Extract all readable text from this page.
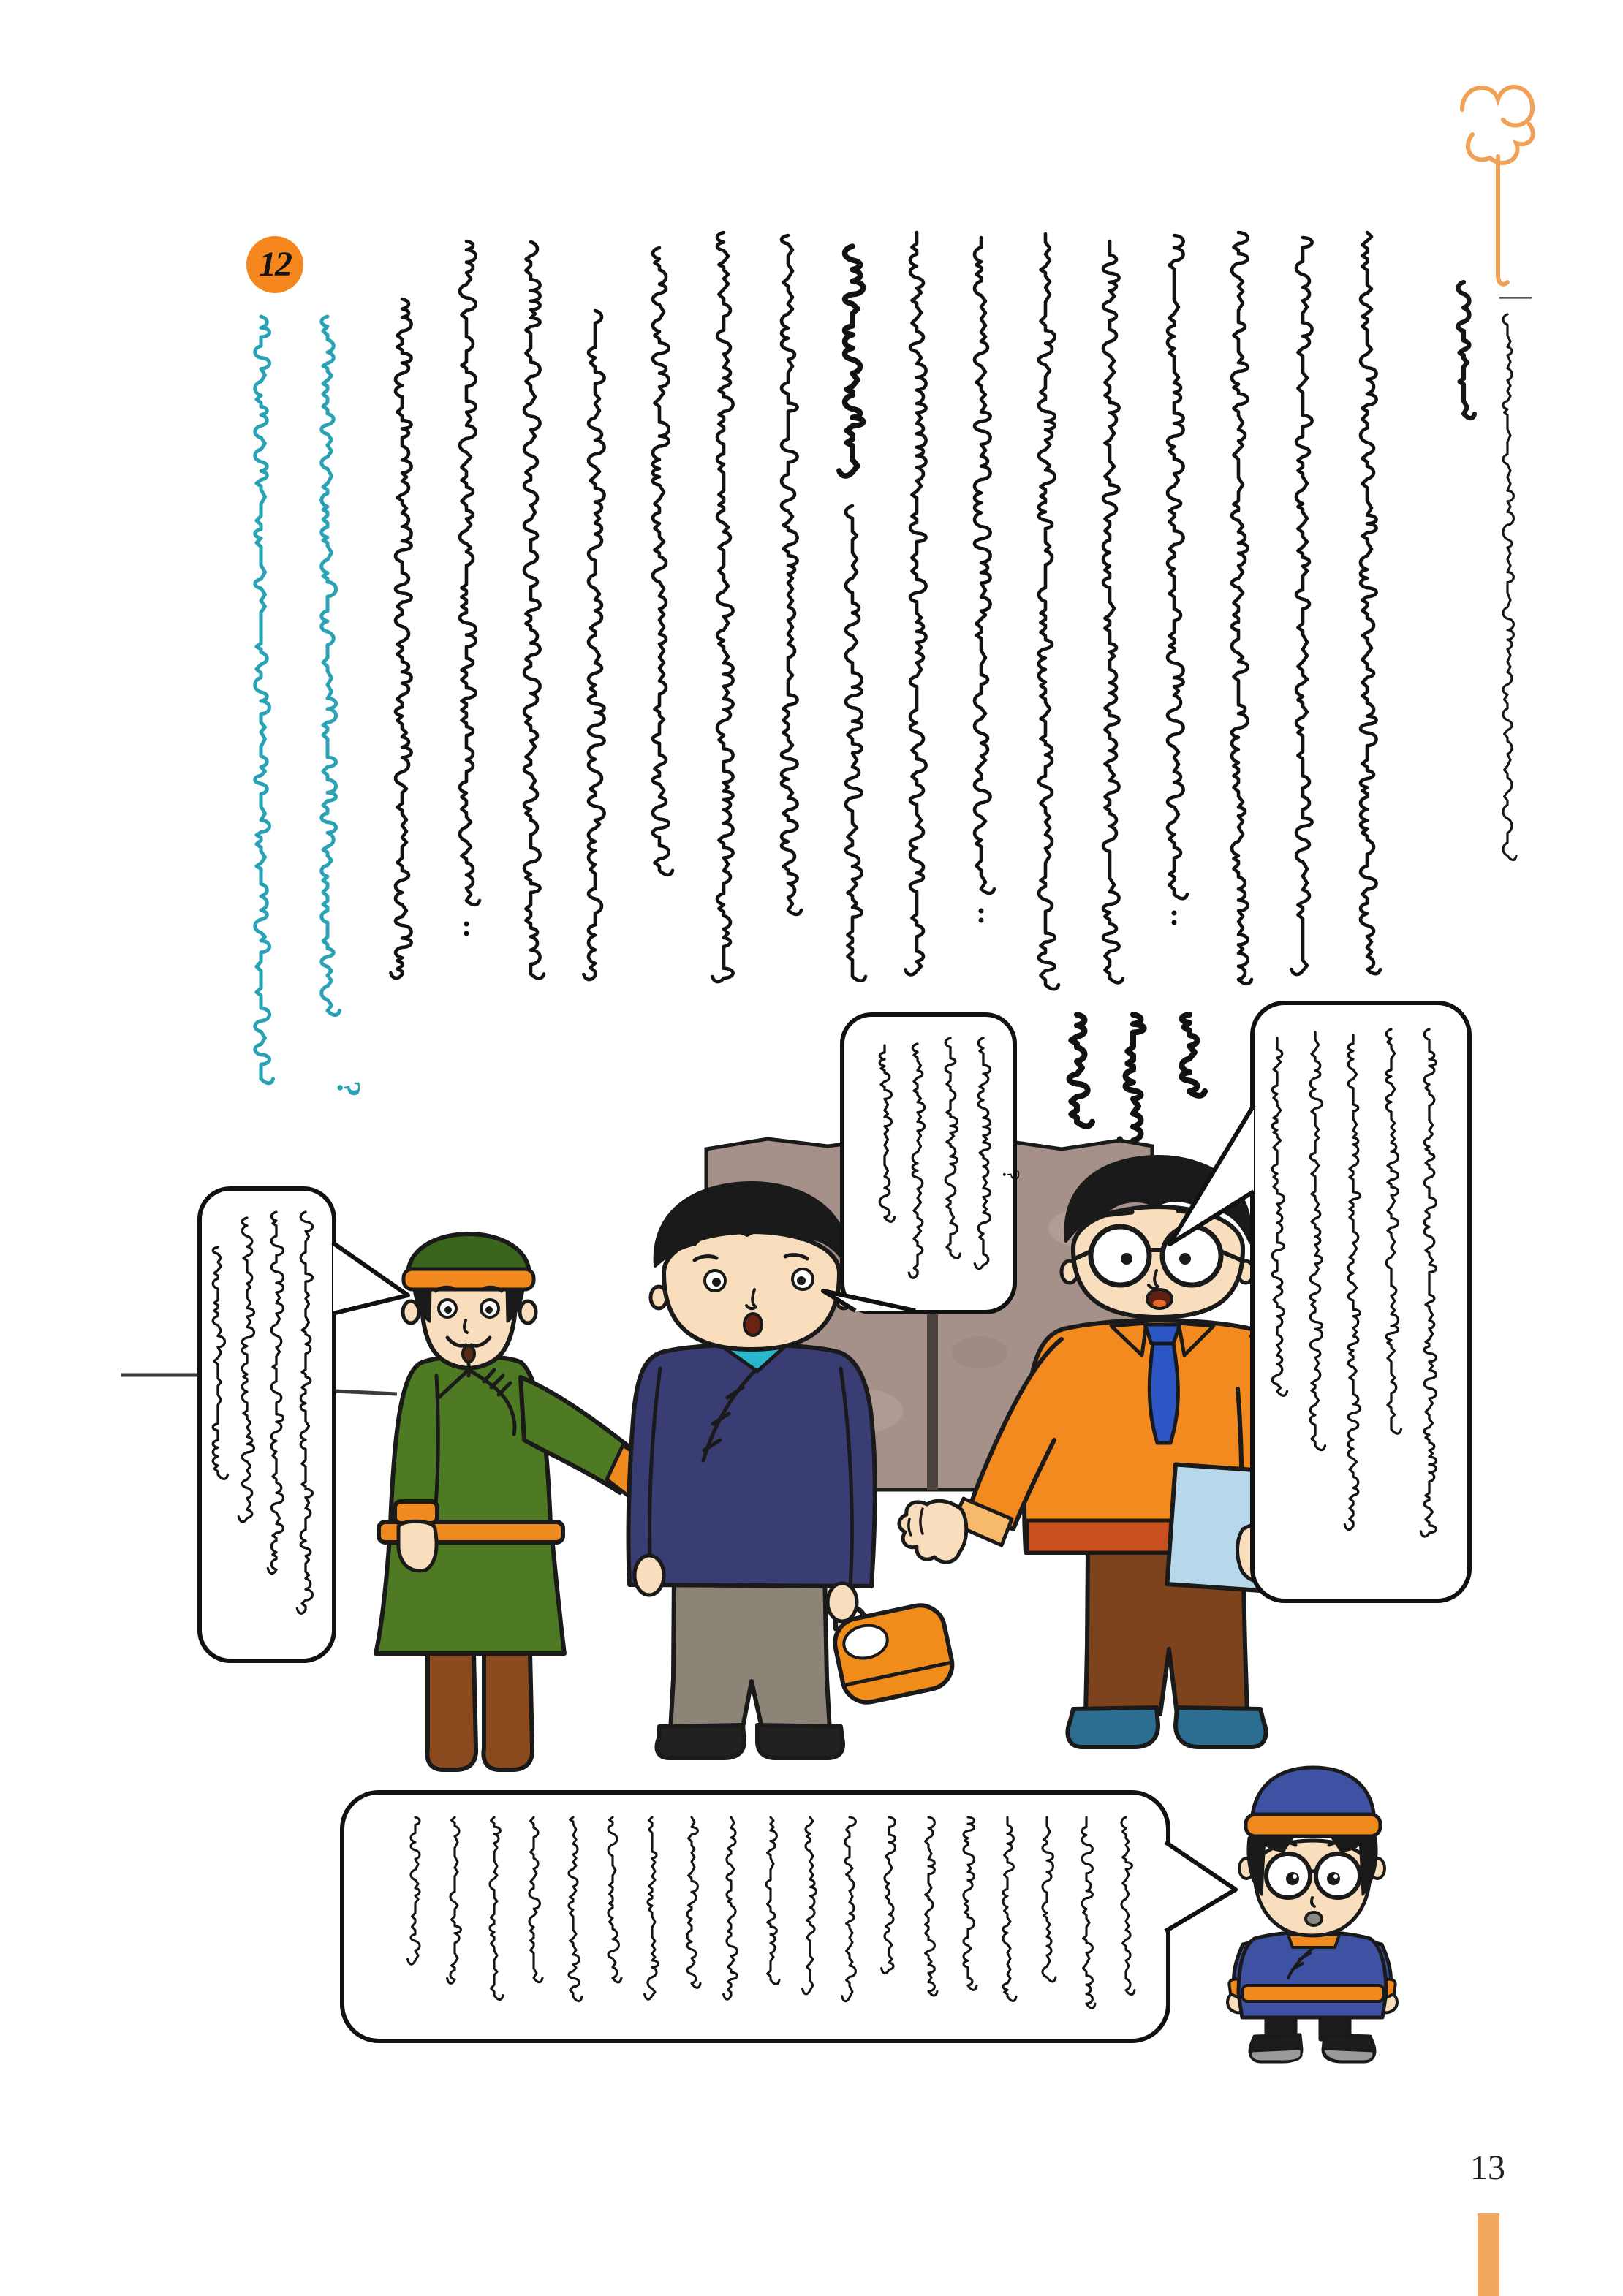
—
?
?
12
13
